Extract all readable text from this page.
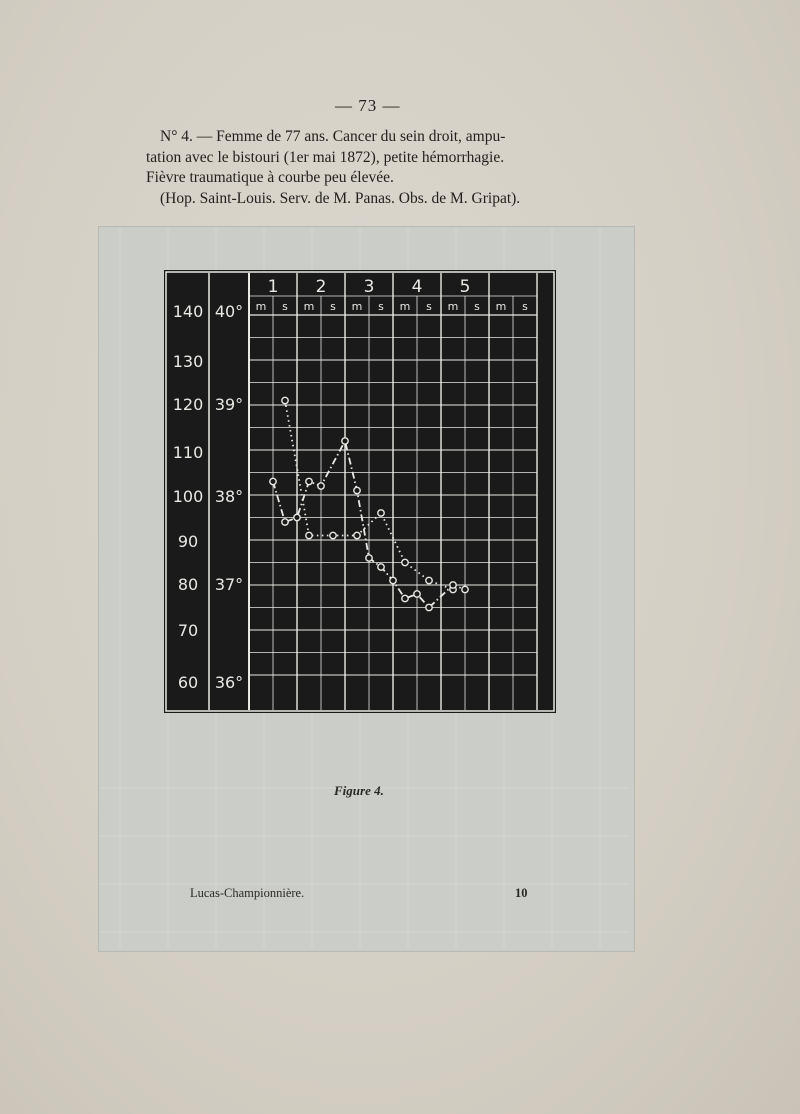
— 73 —
N° 4. — Femme de 77 ans. Cancer du sein droit, ampu-
tation avec le bistouri (1er mai 1872), petite hémorrhagie.
Fièvre traumatique à courbe peu élevée.
(Hop. Saint-Louis. Serv. de M. Panas. Obs. de M. Gripat).
1 2 3 4 5
m s m s m s m s m s m s
140
130
120
110
100
90
80
70
60
40°
39°
38°
37°
36°
Figure 4.
Lucas-Championnière.	10
